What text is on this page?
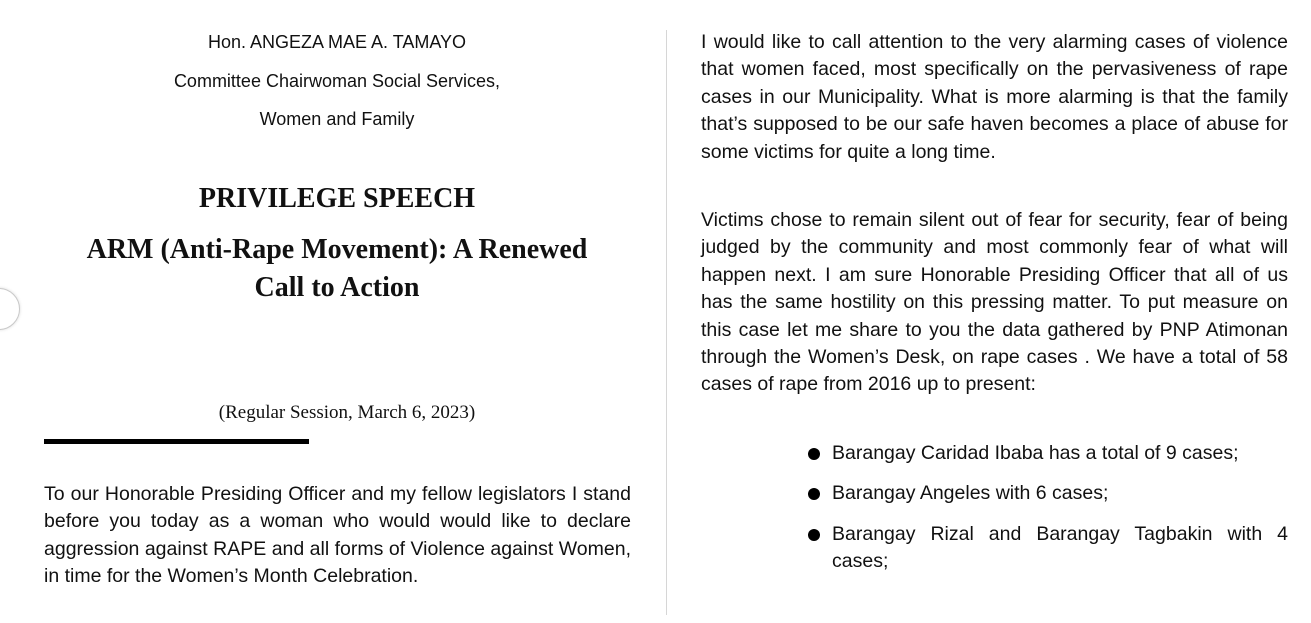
Hon. ANGEZA MAE A. TAMAYO
Committee Chairwoman Social Services,
Women and Family
PRIVILEGE SPEECH
ARM (Anti-Rape Movement): A Renewed
Call to Action
(Regular Session, March 6, 2023)
To our Honorable Presiding Officer and my fellow legislators I stand before you today as a woman who would would like to declare aggression against RAPE and all forms of Violence against Women, in time for the Women’s Month Celebration.
I would like to call attention to the very alarming cases of violence that women faced, most specifically on the pervasiveness of rape cases in our Municipality. What is more alarming is that the family that’s supposed to be our safe haven becomes a place of abuse for some victims for quite a long time.
Victims chose to remain silent out of fear for security, fear of being judged by the community and most commonly fear of what will happen next. I am sure Honorable Presiding Officer that all of us has the same hostility on this pressing matter. To put measure on this case let me share to you the data gathered by PNP Atimonan through the Women’s Desk, on rape cases . We have a total of 58 cases of rape from 2016 up to present:
Barangay Caridad Ibaba has a total of 9 cases;
Barangay Angeles with 6 cases;
Barangay Rizal and Barangay Tagbakin with 4 cases;
